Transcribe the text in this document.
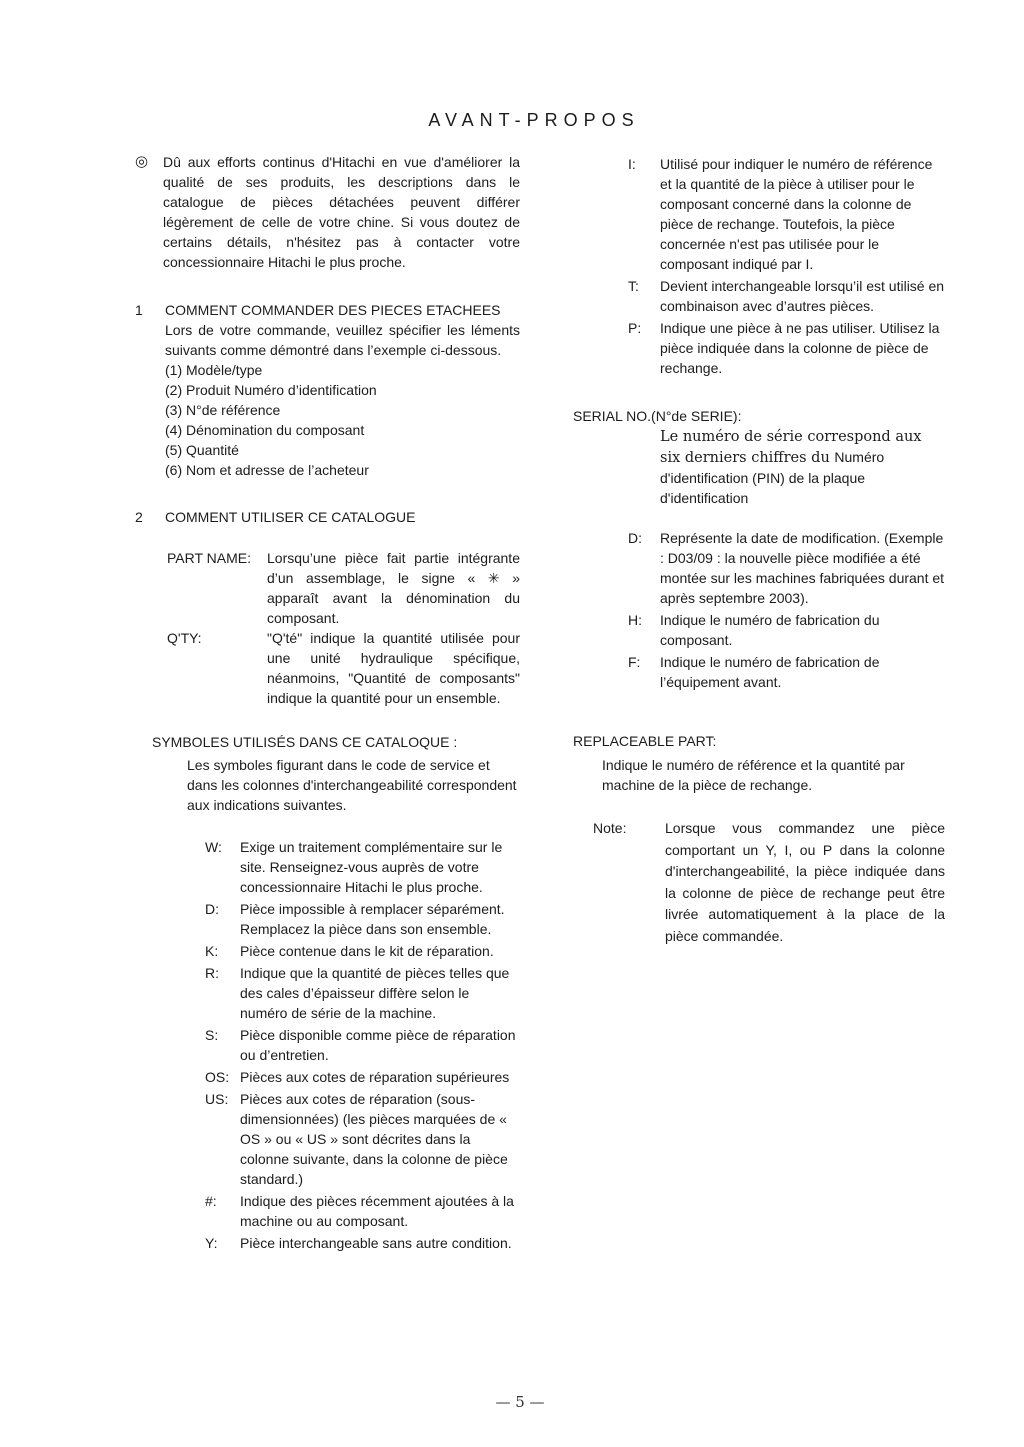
AVANT-PROPOS
◎	Dû aux efforts continus d'Hitachi en vue d'améliorer la qualité de ses produits, les descriptions dans le catalogue de pièces détachées peuvent différer légèrement de celle de votre chine. Si vous doutez de certains détails, n'hésitez pas à contacter votre concessionnaire Hitachi le plus proche.
1	COMMENT COMMANDER DES PIECES ETACHEES
Lors de votre commande, veuillez spécifier les léments suivants comme démontré dans l’exemple ci-dessous.
(1) Modèle/type
(2) Produit Numéro d’identification
(3) N°de référence
(4) Dénomination du composant
(5) Quantité
(6) Nom et adresse de l’acheteur
2	COMMENT UTILISER CE CATALOGUE
PART NAME:	Lorsqu’une pièce fait partie intégrante d’un assemblage, le signe « ✳ » apparaît avant la dénomination du composant.
Q'TY:	"Q'té" indique la quantité utilisée pour une unité hydraulique spécifique, néanmoins, "Quantité de composants" indique la quantité pour un ensemble.
SYMBOLES UTILISÉS DANS CE CATALOQUE :
Les symboles figurant dans le code de service et dans les colonnes d'interchangeabilité correspondent aux indications suivantes.
W:	Exige un traitement complémentaire sur le site. Renseignez-vous auprès de votre concessionnaire Hitachi le plus proche.
D:	Pièce impossible à remplacer séparément. Remplacez la pièce dans son ensemble.
K:	Pièce contenue dans le kit de réparation.
R:	Indique que la quantité de pièces telles que des cales d’épaisseur diffère selon le numéro de série de la machine.
S:	Pièce disponible comme pièce de réparation ou d’entretien.
OS: Pièces aux cotes de réparation supérieures
US: Pièces aux cotes de réparation (sous-dimensionnées) (les pièces marquées de « OS » ou « US » sont décrites dans la colonne suivante, dans la colonne de pièce standard.)
#:	Indique des pièces récemment ajoutées à la machine ou au composant.
Y:	Pièce interchangeable sans autre condition.
I:	Utilisé pour indiquer le numéro de référence et la quantité de la pièce à utiliser pour le composant concerné dans la colonne de pièce de rechange. Toutefois, la pièce concernée n'est pas utilisée pour le composant indiqué par I.
T:	Devient interchangeable lorsqu’il est utilisé en combinaison avec d’autres pièces.
P:	Indique une pièce à ne pas utiliser. Utilisez la pièce indiquée dans la colonne de pièce de rechange.
SERIAL NO.(N°de SERIE):
Le numéro de série correspond aux six derniers chiffres du Numéro d'identification (PIN) de la plaque d'identification
D:	Représente la date de modification. (Exemple : D03/09 : la nouvelle pièce modifiée a été montée sur les machines fabriquées durant et après septembre 2003).
H:	Indique le numéro de fabrication du composant.
F:	Indique le numéro de fabrication de l’équipement avant.
REPLACEABLE PART:
Indique le numéro de référence et la quantité par machine de la pièce de rechange.
Note:	Lorsque vous commandez une pièce comportant un Y, I, ou P dans la colonne d'interchangeabilité, la pièce indiquée dans la colonne de pièce de rechange peut être livrée automatiquement à la place de la pièce commandée.
— 5 —
